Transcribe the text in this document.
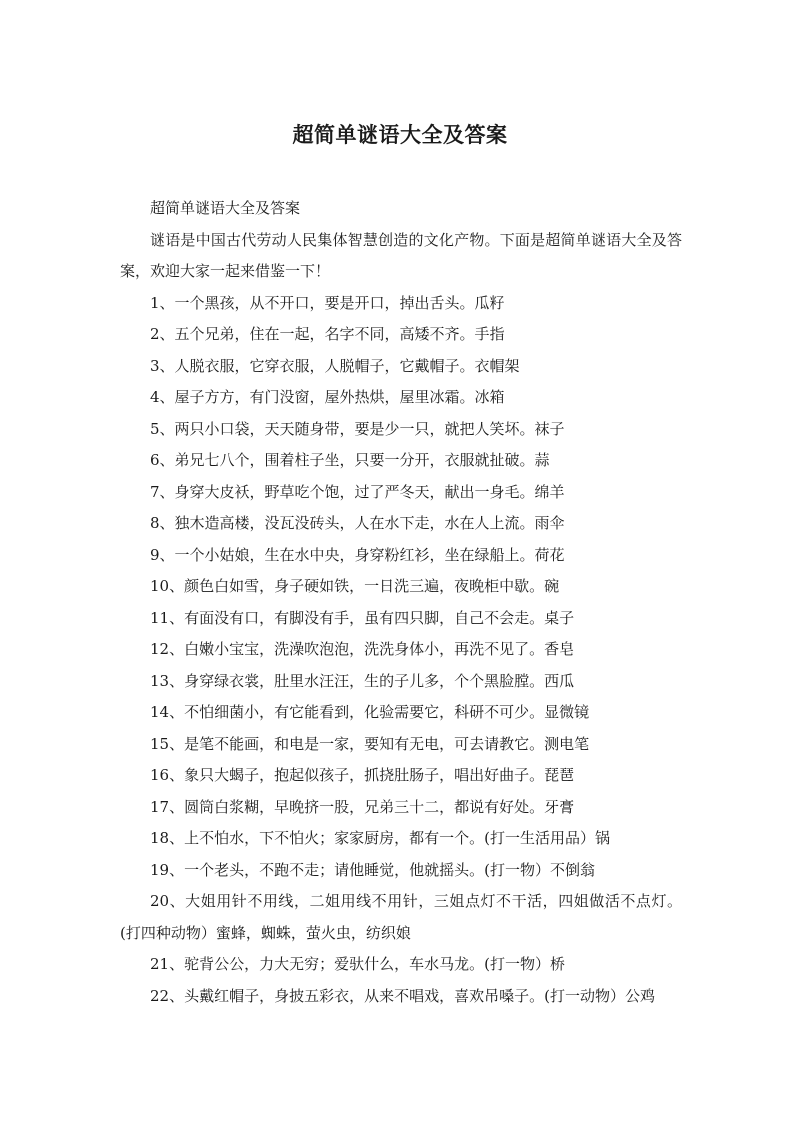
超简单谜语大全及答案

超简单谜语大全及答案

谜语是中国古代劳动人民集体智慧创造的文化产物。下面是超简单谜语大全及答案，欢迎大家一起来借鉴一下！

1、一个黑孩，从不开口，要是开口，掉出舌头。瓜籽

2、五个兄弟，住在一起，名字不同，高矮不齐。手指

3、人脱衣服，它穿衣服，人脱帽子，它戴帽子。衣帽架

4、屋子方方，有门没窗，屋外热烘，屋里冰霜。冰箱

5、两只小口袋，天天随身带，要是少一只，就把人笑坏。袜子

6、弟兄七八个，围着柱子坐，只要一分开，衣服就扯破。蒜

7、身穿大皮袄，野草吃个饱，过了严冬天，献出一身毛。绵羊

8、独木造高楼，没瓦没砖头，人在水下走，水在人上流。雨伞

9、一个小姑娘，生在水中央，身穿粉红衫，坐在绿船上。荷花

10、颜色白如雪，身子硬如铁，一日洗三遍，夜晚柜中歇。碗

11、有面没有口，有脚没有手，虽有四只脚，自己不会走。桌子

12、白嫩小宝宝，洗澡吹泡泡，洗洗身体小，再洗不见了。香皂

13、身穿绿衣裳，肚里水汪汪，生的子儿多，个个黑脸膛。西瓜

14、不怕细菌小，有它能看到，化验需要它，科研不可少。显微镜

15、是笔不能画，和电是一家，要知有无电，可去请教它。测电笔

16、象只大蝎子，抱起似孩子，抓挠肚肠子，唱出好曲子。琵琶

17、圆筒白浆糊，早晚挤一股，兄弟三十二，都说有好处。牙膏

18、上不怕水，下不怕火；家家厨房，都有一个。(打一生活用品）锅

19、一个老头，不跑不走；请他睡觉，他就摇头。(打一物）不倒翁

20、大姐用针不用线，二姐用线不用针，三姐点灯不干活，四姐做活不点灯。(打四种动物）蜜蜂，蜘蛛，萤火虫，纺织娘

21、驼背公公，力大无穷；爱驮什么，车水马龙。(打一物）桥

22、头戴红帽子，身披五彩衣，从来不唱戏，喜欢吊嗓子。(打一动物）公鸡
